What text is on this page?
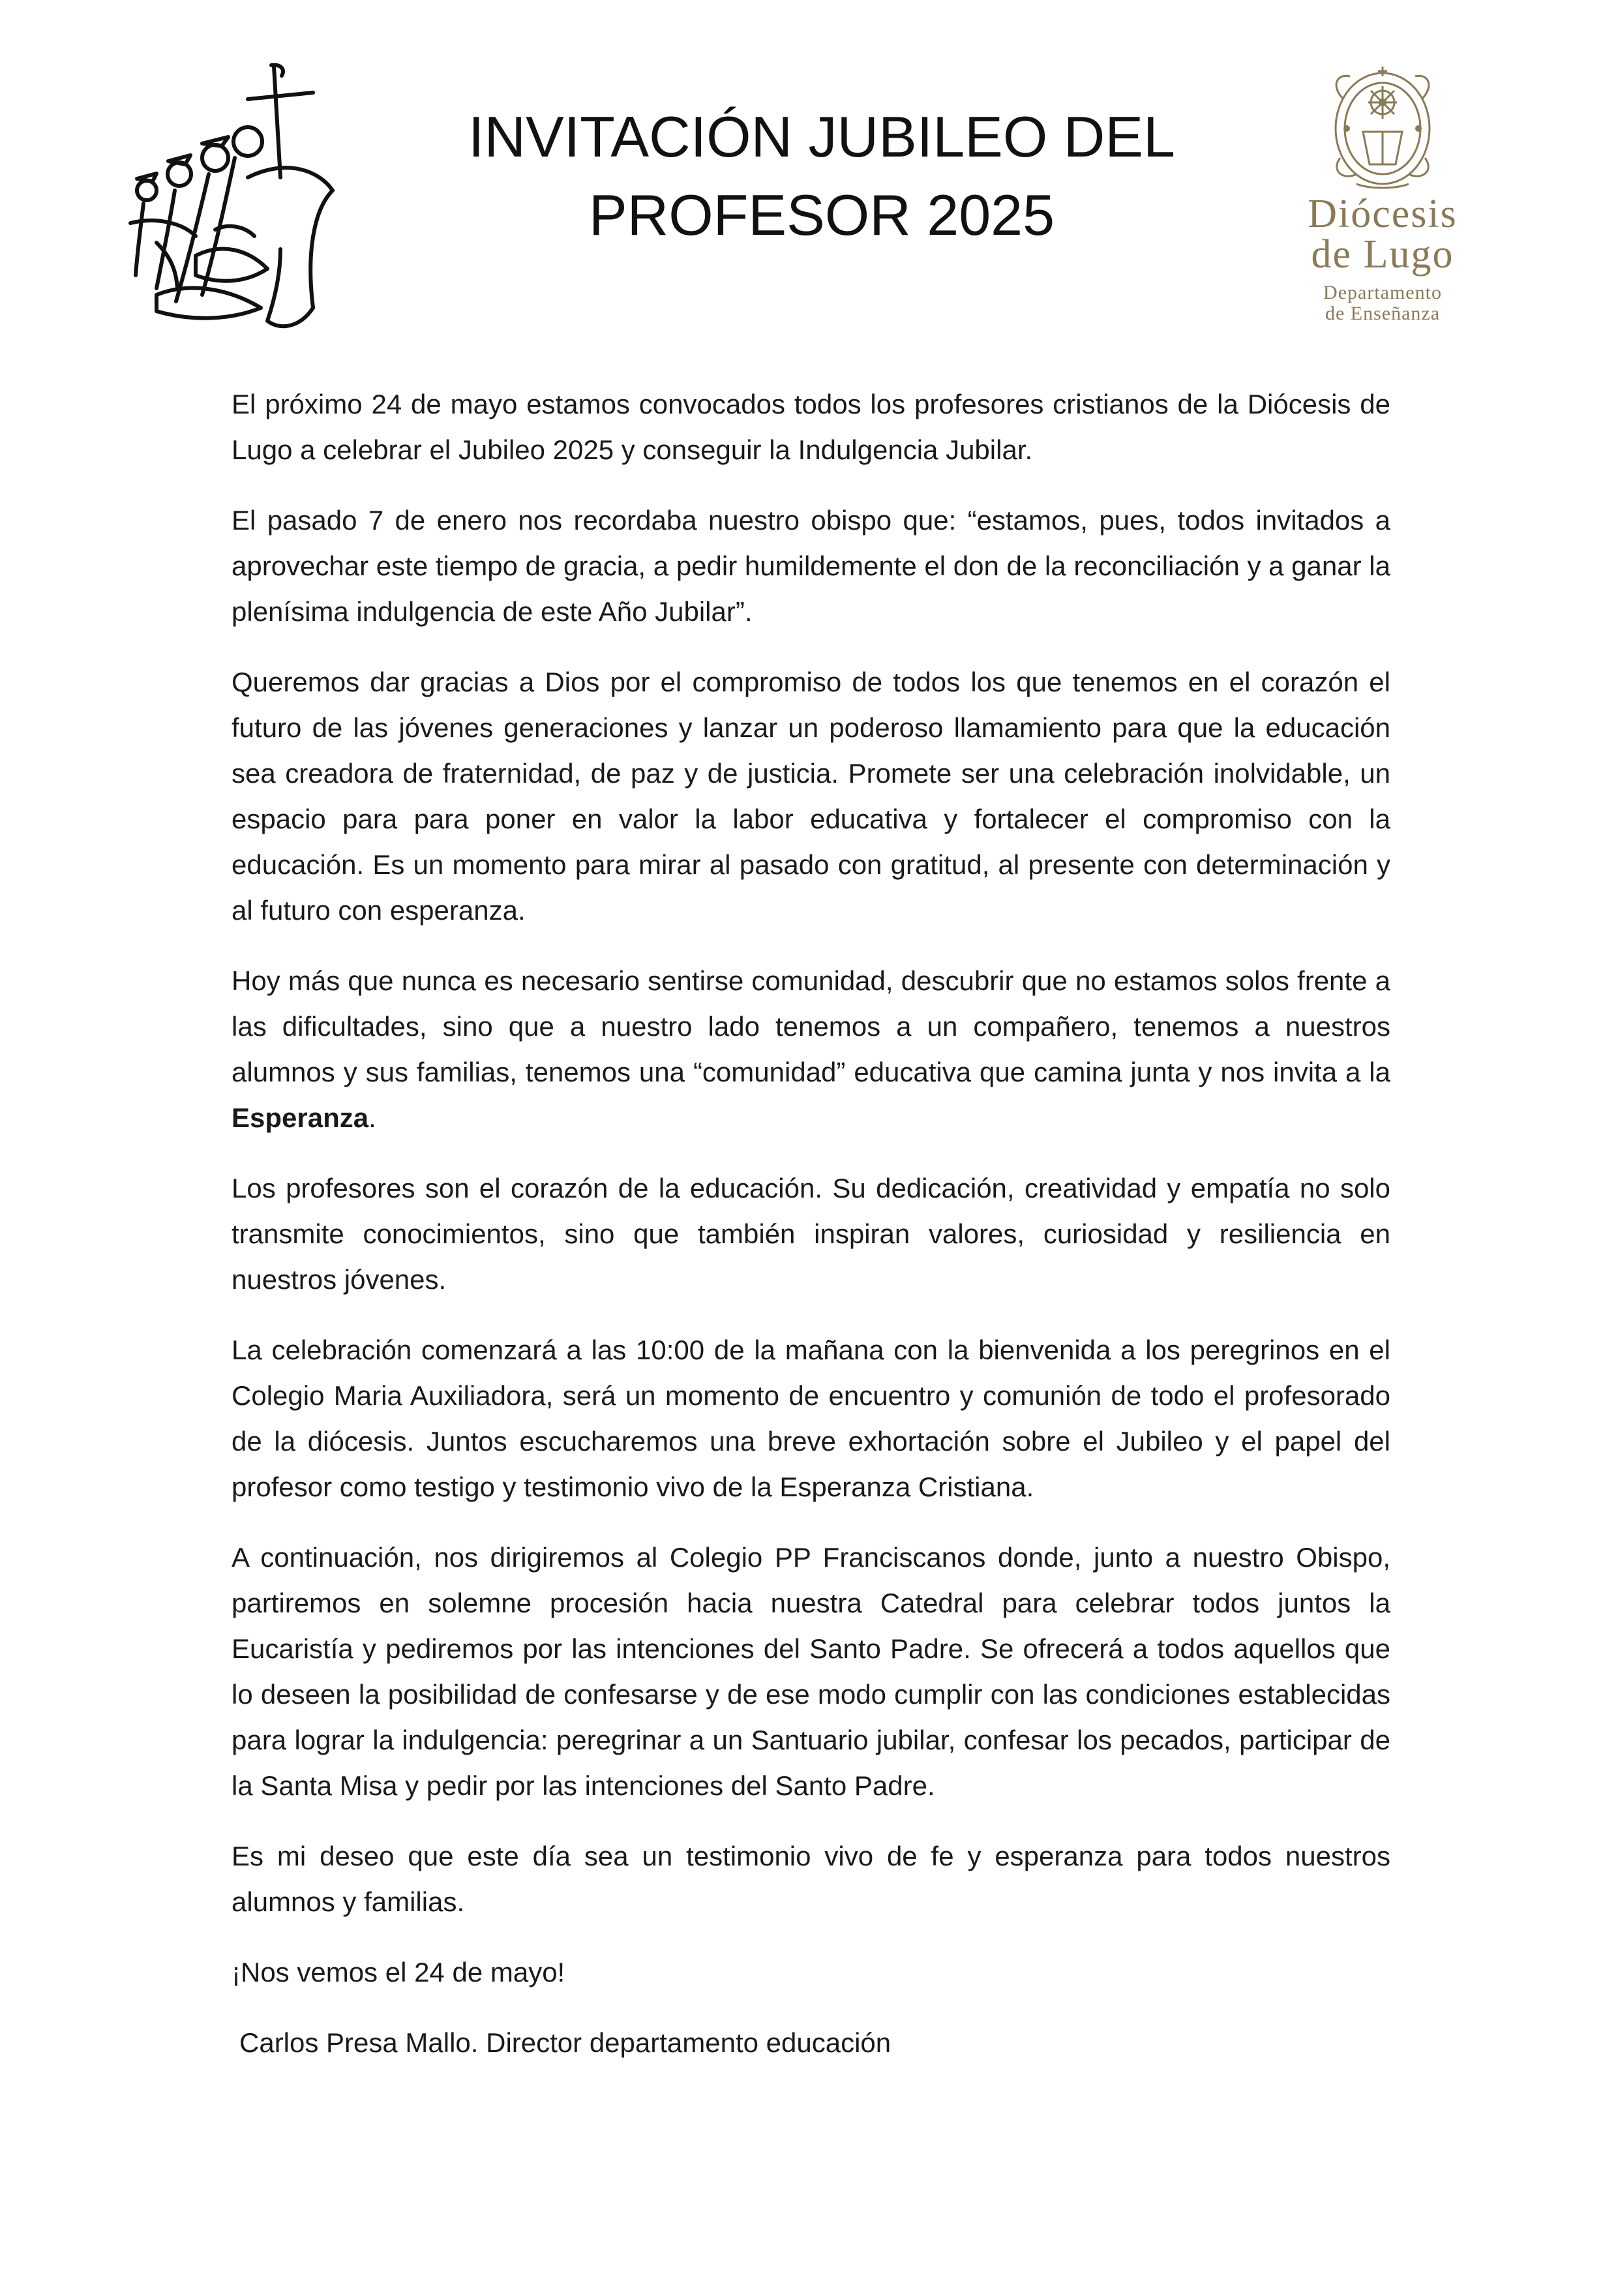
INVITACIÓN JUBILEO DEL
PROFESOR 2025	Diócesis
de Lugo
Departamento
de Enseñanza

El próximo 24 de mayo estamos convocados todos los profesores cristianos de la Diócesis de Lugo a celebrar el Jubileo 2025 y conseguir la Indulgencia Jubilar.

El pasado 7 de enero nos recordaba nuestro obispo que: “estamos, pues, todos invitados a aprovechar este tiempo de gracia, a pedir humildemente el don de la reconciliación y a ganar la plenísima indulgencia de este Año Jubilar”.

Queremos dar gracias a Dios por el compromiso de todos los que tenemos en el corazón el futuro de las jóvenes generaciones y lanzar un poderoso llamamiento para que la educación sea creadora de fraternidad, de paz y de justicia. Promete ser una celebración inolvidable, un espacio para para poner en valor la labor educativa y fortalecer el compromiso con la educación. Es un momento para mirar al pasado con gratitud, al presente con determinación y al futuro con esperanza.

Hoy más que nunca es necesario sentirse comunidad, descubrir que no estamos solos frente a las dificultades, sino que a nuestro lado tenemos a un compañero, tenemos a nuestros alumnos y sus familias, tenemos una “comunidad” educativa que camina junta y nos invita a la Esperanza.

Los profesores son el corazón de la educación. Su dedicación, creatividad y empatía no solo transmite conocimientos, sino que también inspiran valores, curiosidad y resiliencia en nuestros jóvenes.

La celebración comenzará a las 10:00 de la mañana con la bienvenida a los peregrinos en el Colegio Maria Auxiliadora, será un momento de encuentro y comunión de todo el profesorado de la diócesis. Juntos escucharemos una breve exhortación sobre el Jubileo y el papel del profesor como testigo y testimonio vivo de la Esperanza Cristiana.

A continuación, nos dirigiremos al Colegio PP Franciscanos donde, junto a nuestro Obispo, partiremos en solemne procesión hacia nuestra Catedral para celebrar todos juntos la Eucaristía y pediremos por las intenciones del Santo Padre. Se ofrecerá a todos aquellos que lo deseen la posibilidad de confesarse y de ese modo cumplir con las condiciones establecidas para lograr la indulgencia: peregrinar a un Santuario jubilar, confesar los pecados, participar de la Santa Misa y pedir por las intenciones del Santo Padre.

Es mi deseo que este día sea un testimonio vivo de fe y esperanza para todos nuestros alumnos y familias.

¡Nos vemos el 24 de mayo!

Carlos Presa Mallo. Director departamento educación
